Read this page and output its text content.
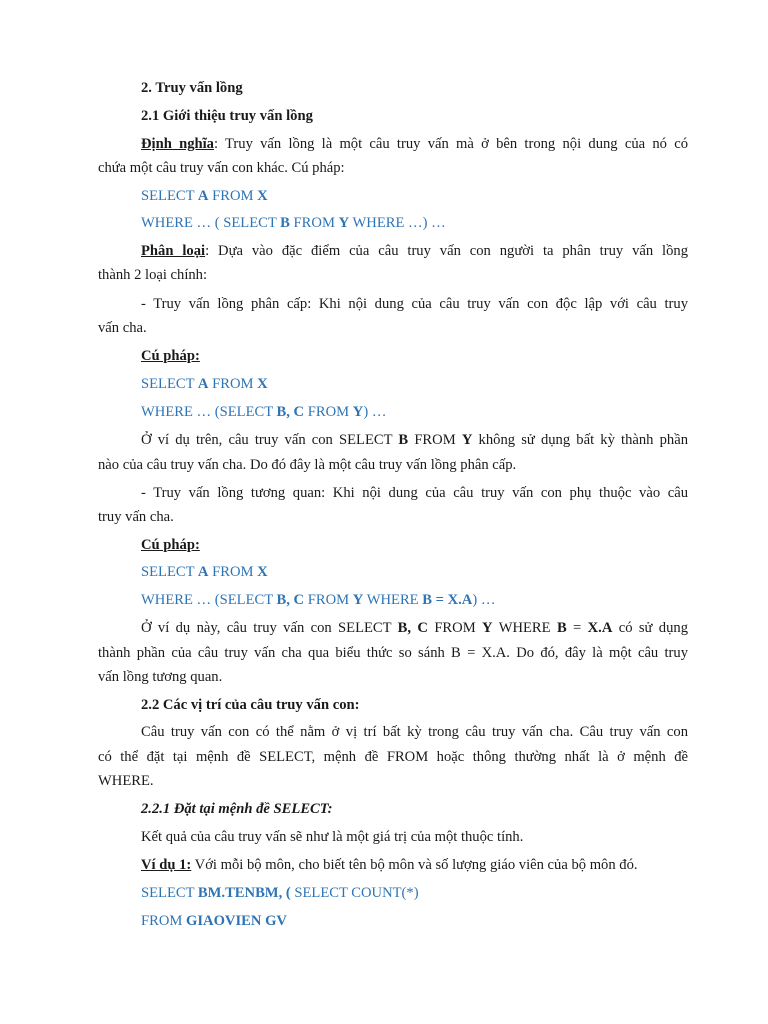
2. Truy vấn lồng
2.1 Giới thiệu truy vấn lồng
Định nghĩa: Truy vấn lồng là một câu truy vấn mà ở bên trong nội dung của nó có
chứa một câu truy vấn con khác. Cú pháp:
SELECT A FROM X
WHERE … ( SELECT B FROM Y WHERE …) …
Phân loại: Dựa vào đặc điểm của câu truy vấn con người ta phân truy vấn lồng
thành 2 loại chính:
- Truy vấn lồng phân cấp: Khi nội dung của câu truy vấn con độc lập với câu truy
vấn cha.
Cú pháp:
SELECT A FROM X
WHERE … (SELECT B, C FROM Y) …
Ở ví dụ trên, câu truy vấn con SELECT B FROM Y không sử dụng bất kỳ thành phần
nào của câu truy vấn cha. Do đó đây là một câu truy vấn lồng phân cấp.
- Truy vấn lồng tương quan: Khi nội dung của câu truy vấn con phụ thuộc vào câu
truy vấn cha.
Cú pháp:
SELECT A FROM X
WHERE … (SELECT B, C FROM Y WHERE B = X.A) …
Ở ví dụ này, câu truy vấn con SELECT B, C FROM Y WHERE B = X.A có sử dụng
thành phần của câu truy vấn cha qua biểu thức so sánh B = X.A. Do đó, đây là một câu truy
vấn lồng tương quan.
2.2 Các vị trí của câu truy vấn con:
Câu truy vấn con có thể nằm ở vị trí bất kỳ trong câu truy vấn cha. Câu truy vấn con
có thể đặt tại mệnh đề SELECT, mệnh đề FROM hoặc thông thường nhất là ở mệnh đề
WHERE.
2.2.1 Đặt tại mệnh đề SELECT:
Kết quả của câu truy vấn sẽ như là một giá trị của một thuộc tính.
Ví dụ 1: Với mỗi bộ môn, cho biết tên bộ môn và số lượng giáo viên của bộ môn đó.
SELECT BM.TENBM, ( SELECT COUNT(*)
FROM GIAOVIEN GV
